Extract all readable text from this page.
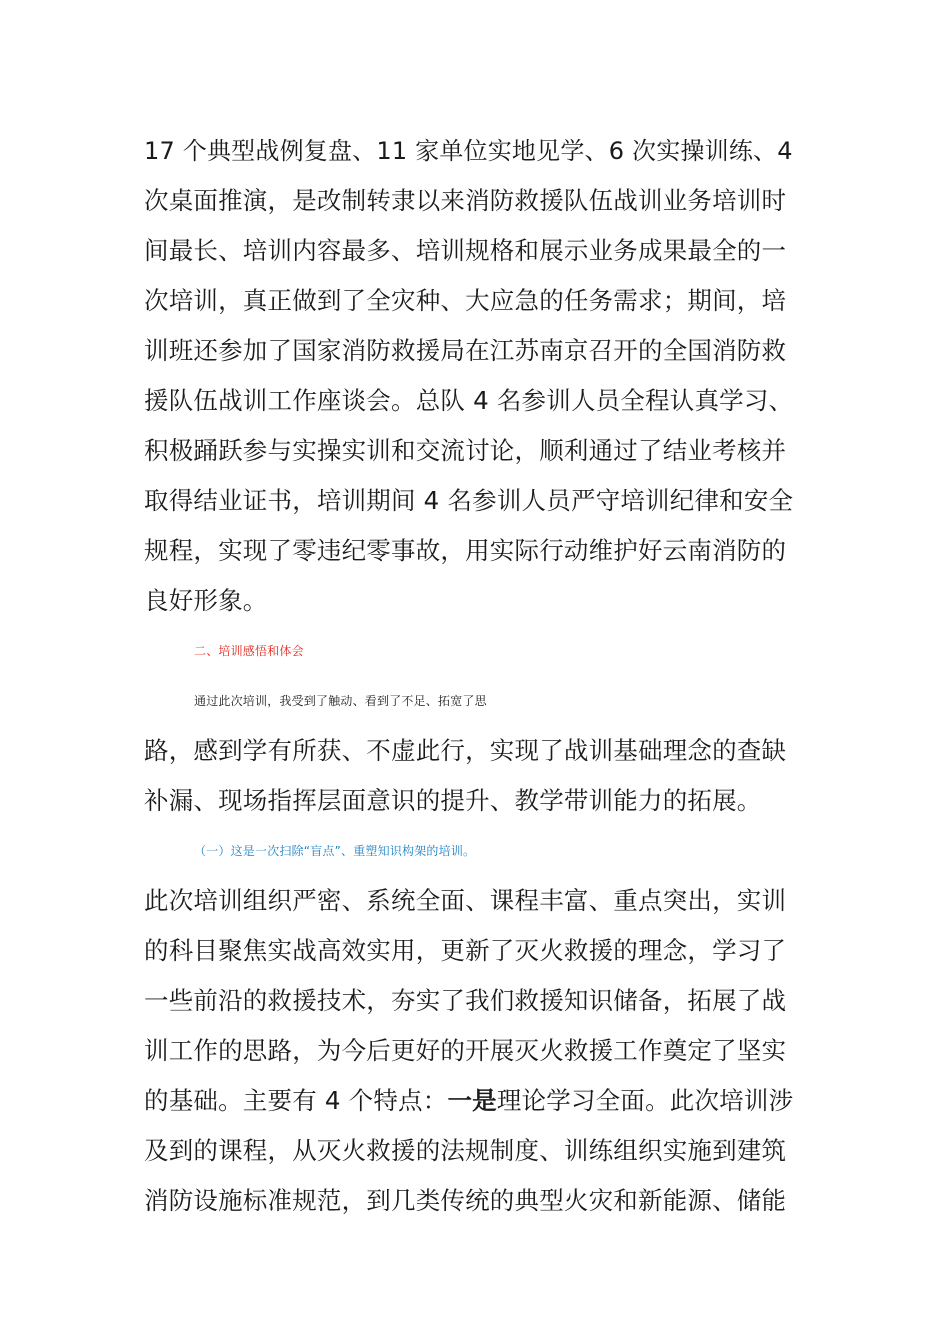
17 个典型战例复盘、11 家单位实地见学、6 次实操训练、4
次桌面推演，是改制转隶以来消防救援队伍战训业务培训时
间最长、培训内容最多、培训规格和展示业务成果最全的一
次培训，真正做到了全灾种、大应急的任务需求；期间，培
训班还参加了国家消防救援局在江苏南京召开的全国消防救
援队伍战训工作座谈会。总队 4 名参训人员全程认真学习、
积极踊跃参与实操实训和交流讨论，顺利通过了结业考核并
取得结业证书，培训期间 4 名参训人员严守培训纪律和安全
规程，实现了零违纪零事故，用实际行动维护好云南消防的
良好形象。
二、培训感悟和体会
通过此次培训，我受到了触动、看到了不足、拓宽了思
路，感到学有所获、不虚此行，实现了战训基础理念的查缺
补漏、现场指挥层面意识的提升、教学带训能力的拓展。
（一）这是一次扫除“盲点”、重塑知识构架的培训。
此次培训组织严密、系统全面、课程丰富、重点突出，实训
的科目聚焦实战高效实用，更新了灭火救援的理念，学习了
一些前沿的救援技术，夯实了我们救援知识储备，拓展了战
训工作的思路，为今后更好的开展灭火救援工作奠定了坚实
的基础。主要有 4 个特点：一是理论学习全面。此次培训涉
及到的课程，从灭火救援的法规制度、训练组织实施到建筑
消防设施标准规范，到几类传统的典型火灾和新能源、储能
